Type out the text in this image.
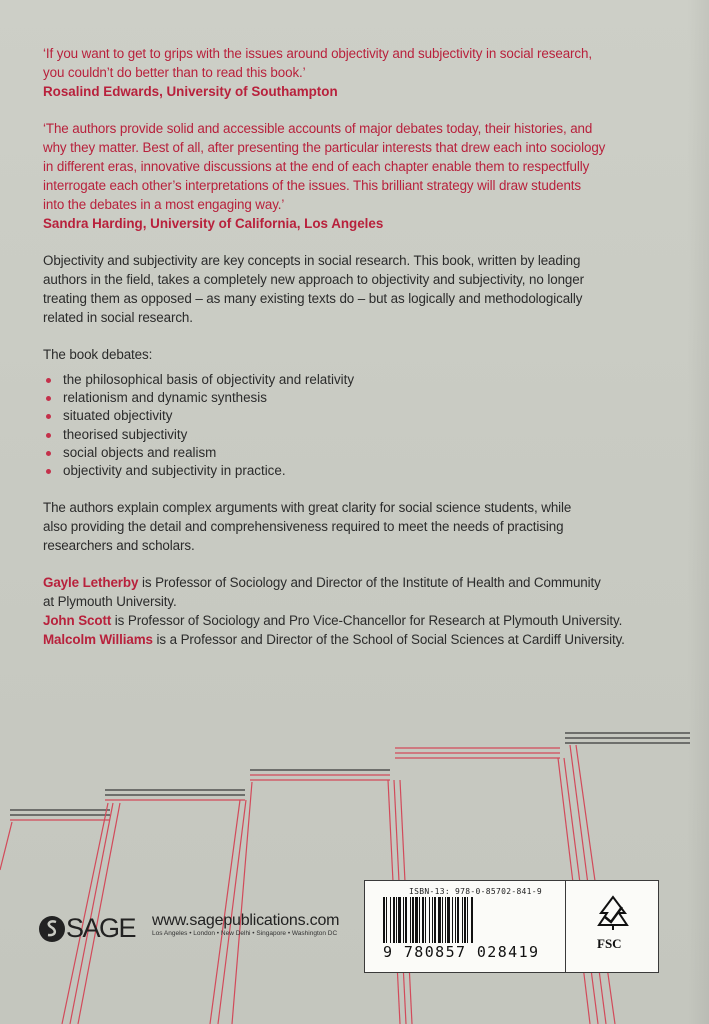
‘If you want to get to grips with the issues around objectivity and subjectivity in social research,

you couldn’t do better than to read this book.’

Rosalind Edwards, University of Southampton

‘The authors provide solid and accessible accounts of major debates today, their histories, and

why they matter. Best of all, after presenting the particular interests that drew each into sociology

in different eras, innovative discussions at the end of each chapter enable them to respectfully

interrogate each other’s interpretations of the issues. This brilliant strategy will draw students

into the debates in a most engaging way.’

Sandra Harding, University of California, Los Angeles

Objectivity and subjectivity are key concepts in social research. This book, written by leading

authors in the field, takes a completely new approach to objectivity and subjectivity, no longer

treating them as opposed – as many existing texts do – but as logically and methodologically

related in social research.

The book debates:

the philosophical basis of objectivity and relativity
relationism and dynamic synthesis
situated objectivity
theorised subjectivity
social objects and realism
objectivity and subjectivity in practice.

The authors explain complex arguments with great clarity for social science students, while

also providing the detail and comprehensiveness required to meet the needs of practising

researchers and scholars.

Gayle Letherby is Professor of Sociology and Director of the Institute of Health and Community

at Plymouth University.

John Scott is Professor of Sociology and Pro Vice-Chancellor for Research at Plymouth University.

Malcolm Williams is a Professor and Director of the School of Social Sciences at Cardiff University.

SAGE www.sagepublications.com
Los Angeles • London • New Delhi • Singapore • Washington DC
ISBN-13: 978-0-85702-841-9
9 780857 028419	FSC
